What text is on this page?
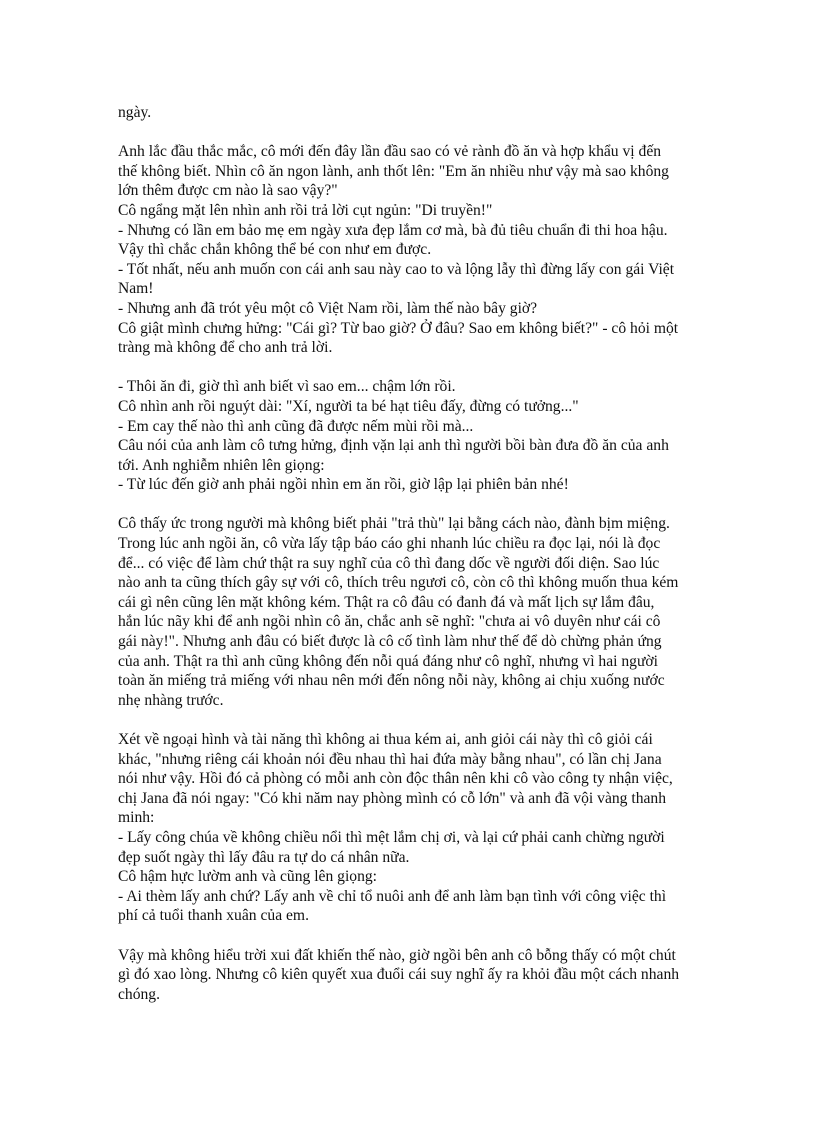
ngày.
Anh lắc đầu thắc mắc, cô mới đến đây lần đầu sao có vẻ rành đồ ăn và hợp khẩu vị đến
thế không biết. Nhìn cô ăn ngon lành, anh thốt lên: "Em ăn nhiều như vậy mà sao không
lớn thêm được cm nào là sao vậy?"
Cô ngẩng mặt lên nhìn anh rồi trả lời cụt ngủn: "Di truyền!"
- Nhưng có lần em bảo mẹ em ngày xưa đẹp lắm cơ mà, bà đủ tiêu chuẩn đi thi hoa hậu.
Vậy thì chắc chắn không thể bé con như em được.
- Tốt nhất, nếu anh muốn con cái anh sau này cao to và lộng lẫy thì đừng lấy con gái Việt
Nam!
- Nhưng anh đã trót yêu một cô Việt Nam rồi, làm thế nào bây giờ?
Cô giật mình chưng hửng: "Cái gì? Từ bao giờ? Ở đâu? Sao em không biết?" - cô hỏi một
tràng mà không để cho anh trả lời.
- Thôi ăn đi, giờ thì anh biết vì sao em... chậm lớn rồi.
Cô nhìn anh rồi nguýt dài: "Xí, người ta bé hạt tiêu đấy, đừng có tưởng..."
- Em cay thế nào thì anh cũng đã được nếm mùi rồi mà...
Câu nói của anh làm cô tưng hửng, định vặn lại anh thì người bồi bàn đưa đồ ăn của anh
tới. Anh nghiễm nhiên lên giọng:
- Từ lúc đến giờ anh phải ngồi nhìn em ăn rồi, giờ lập lại phiên bản nhé!
Cô thấy ức trong người mà không biết phải "trả thù" lại bằng cách nào, đành bịm miệng.
Trong lúc anh ngồi ăn, cô vừa lấy tập báo cáo ghi nhanh lúc chiều ra đọc lại, nói là đọc
để... có việc để làm chứ thật ra suy nghĩ của cô thì đang dốc về người đối diện. Sao lúc
nào anh ta cũng thích gây sự với cô, thích trêu ngươi cô, còn cô thì không muốn thua kém
cái gì nên cũng lên mặt không kém. Thật ra cô đâu có đanh đá và mất lịch sự lắm đâu,
hắn lúc nãy khi để anh ngồi nhìn cô ăn, chắc anh sẽ nghĩ: "chưa ai vô duyên như cái cô
gái này!". Nhưng anh đâu có biết được là cô cố tình làm như thế để dò chừng phản ứng
của anh. Thật ra thì anh cũng không đến nỗi quá đáng như cô nghĩ, nhưng vì hai người
toàn ăn miếng trả miếng với nhau nên mới đến nông nỗi này, không ai chịu xuống nước
nhẹ nhàng trước.
Xét về ngoại hình và tài năng thì không ai thua kém ai, anh giỏi cái này thì cô giỏi cái
khác, "nhưng riêng cái khoản nói đều nhau thì hai đứa mày bằng nhau", có lần chị Jana
nói như vậy. Hồi đó cả phòng có mỗi anh còn độc thân nên khi cô vào công ty nhận việc,
chị Jana đã nói ngay: "Có khi năm nay phòng mình có cỗ lớn" và anh đã vội vàng thanh
minh:
- Lấy công chúa về không chiều nổi thì mệt lắm chị ơi, và lại cứ phải canh chừng người
đẹp suốt ngày thì lấy đâu ra tự do cá nhân nữa.
Cô hậm hực lườm anh và cũng lên giọng:
- Ai thèm lấy anh chứ? Lấy anh về chỉ tổ nuôi anh để anh làm bạn tình với công việc thì
phí cả tuổi thanh xuân của em.
Vậy mà không hiểu trời xui đất khiến thế nào, giờ ngồi bên anh cô bỗng thấy có một chút
gì đó xao lòng. Nhưng cô kiên quyết xua đuổi cái suy nghĩ ấy ra khỏi đầu một cách nhanh
chóng.
